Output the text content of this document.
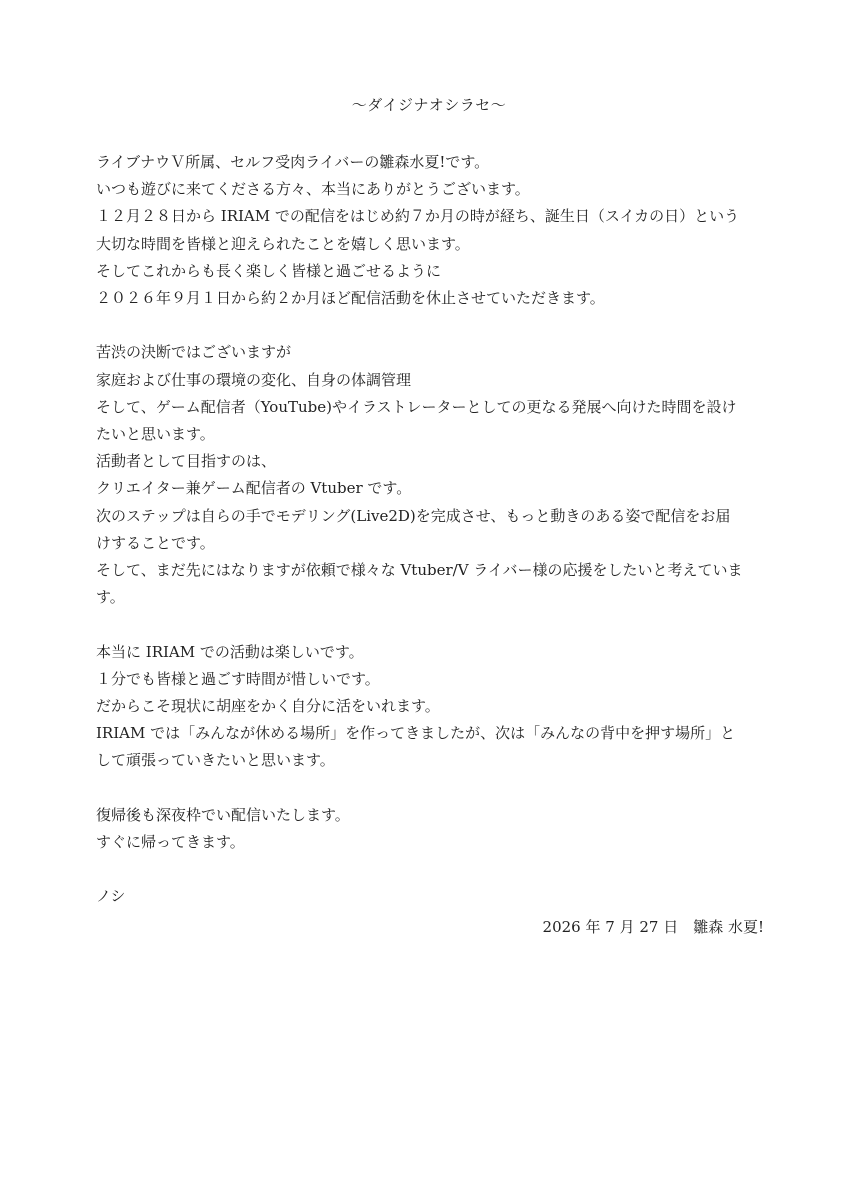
～ダイジナオシラセ～
ライブナウＶ所属、セルフ受肉ライバーの雛森水夏!です。
いつも遊びに来てくださる方々、本当にありがとうございます。
１２月２８日から IRIAM での配信をはじめ約７か月の時が経ち、誕生日（スイカの日）という
大切な時間を皆様と迎えられたことを嬉しく思います。
そしてこれからも長く楽しく皆様と過ごせるように
２０２６年９月１日から約２か月ほど配信活動を休止させていただきます。
苦渋の決断ではございますが
家庭および仕事の環境の変化、自身の体調管理
そして、ゲーム配信者（YouTube)やイラストレーターとしての更なる発展へ向けた時間を設け
たいと思います。
活動者として目指すのは、
クリエイター兼ゲーム配信者の Vtuber です。
次のステップは自らの手でモデリング(Live2D)を完成させ、もっと動きのある姿で配信をお届
けすることです。
そして、まだ先にはなりますが依頼で様々な Vtuber/V ライバー様の応援をしたいと考えていま
す。
本当に IRIAM での活動は楽しいです。
１分でも皆様と過ごす時間が惜しいです。
だからこそ現状に胡座をかく自分に活をいれます。
IRIAM では「みんなが休める場所」を作ってきましたが、次は「みんなの背中を押す場所」と
して頑張っていきたいと思います。
復帰後も深夜枠でい配信いたします。
すぐに帰ってきます。
ノシ
2026 年 7 月 27 日　雛森 水夏!
